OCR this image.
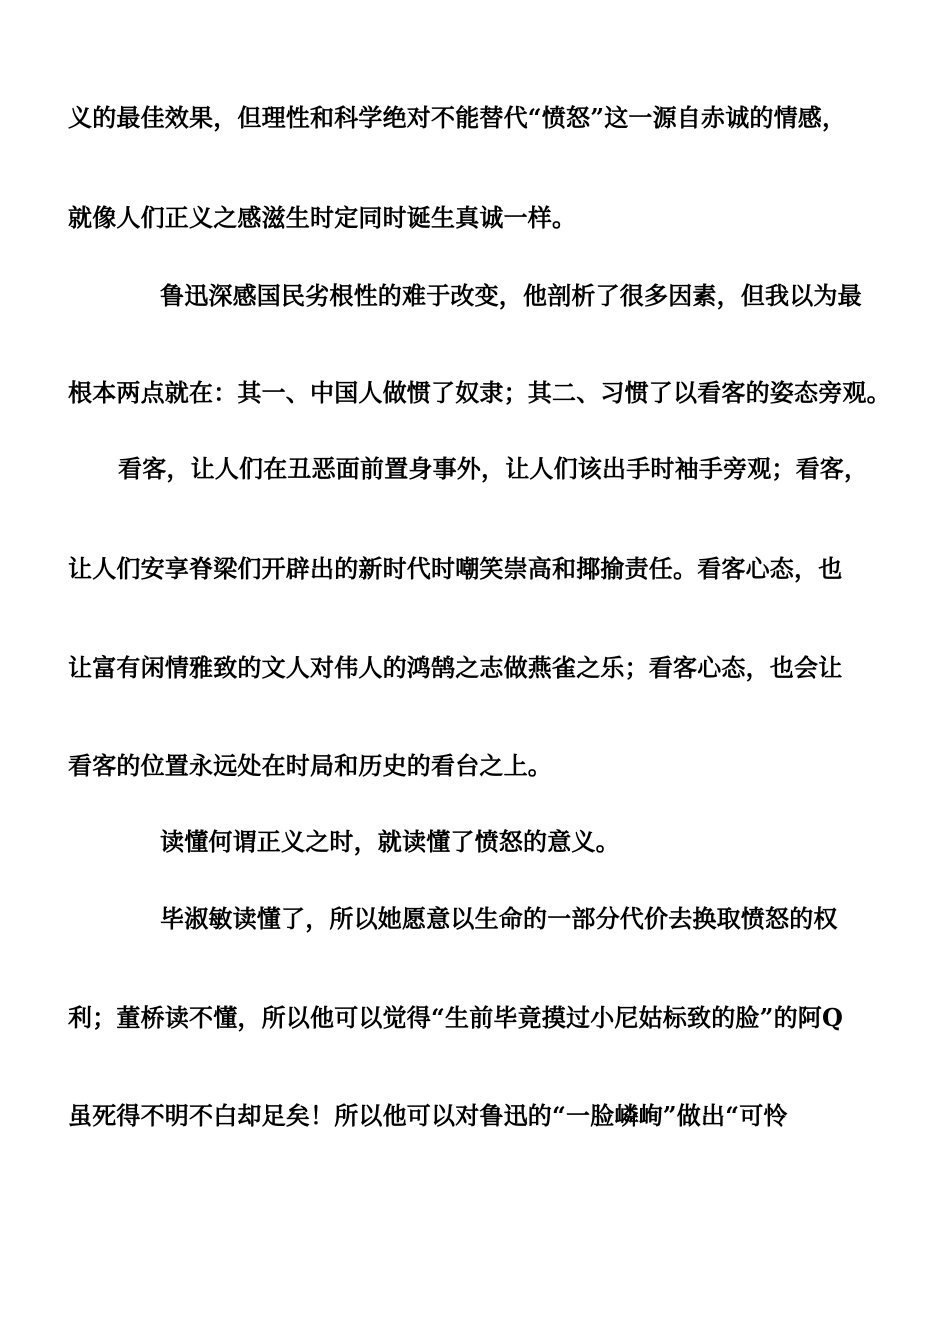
义的最佳效果，但理性和科学绝对不能替代“愤怒”这一源自赤诚的情感，
就像人们正义之感滋生时定同时诞生真诚一样。
鲁迅深感国民劣根性的难于改变，他剖析了很多因素，但我以为最
根本两点就在：其一、中国人做惯了奴隶；其二、习惯了以看客的姿态旁观。
看客，让人们在丑恶面前置身事外，让人们该出手时袖手旁观；看客，
让人们安享脊梁们开辟出的新时代时嘲笑崇高和揶揄责任。看客心态，也
让富有闲情雅致的文人对伟人的鸿鹄之志做燕雀之乐；看客心态，也会让
看客的位置永远处在时局和历史的看台之上。
读懂何谓正义之时，就读懂了愤怒的意义。
毕淑敏读懂了，所以她愿意以生命的一部分代价去换取愤怒的权
利；董桥读不懂，所以他可以觉得“生前毕竟摸过小尼姑标致的脸”的阿Q
虽死得不明不白却足矣！所以他可以对鲁迅的“一脸嶙峋”做出“可怜
